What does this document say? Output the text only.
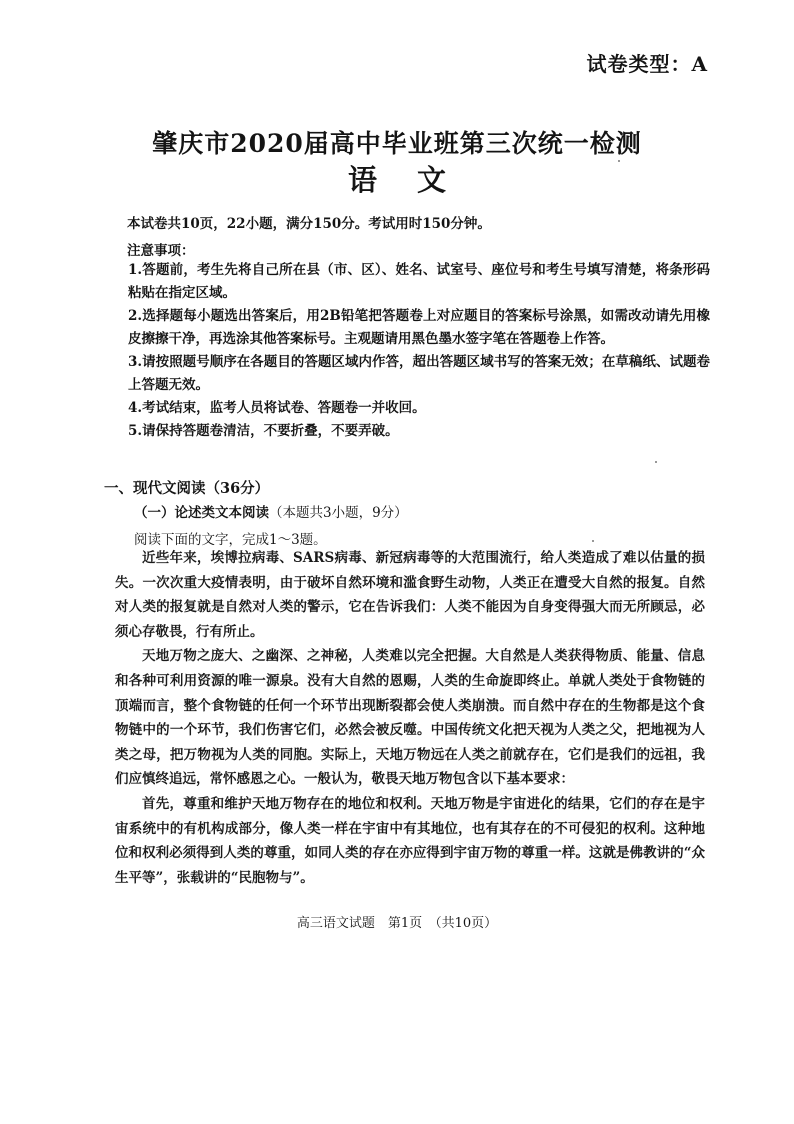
试卷类型：A
肇庆市2020届高中毕业班第三次统一检测
语文
本试卷共10页，22小题，满分150分。考试用时150分钟。
注意事项：
1.答题前，考生先将自己所在县（市、区）、姓名、试室号、座位号和考生号填写清楚，将条形码粘贴在指定区域。
2.选择题每小题选出答案后，用2B铅笔把答题卷上对应题目的答案标号涂黑，如需改动请先用橡皮擦擦干净，再选涂其他答案标号。主观题请用黑色墨水签字笔在答题卷上作答。
3.请按照题号顺序在各题目的答题区域内作答，超出答题区域书写的答案无效；在草稿纸、试题卷上答题无效。
4.考试结束，监考人员将试卷、答题卷一并收回。
5.请保持答题卷清洁，不要折叠，不要弄破。
一、现代文阅读（36分）
（一）论述类文本阅读（本题共3小题，9分）
阅读下面的文字，完成1～3题。

近些年来，埃博拉病毒、SARS病毒、新冠病毒等的大范围流行，给人类造成了难以估量的损失。一次次重大疫情表明，由于破坏自然环境和滥食野生动物，人类正在遭受大自然的报复。自然对人类的报复就是自然对人类的警示，它在告诉我们：人类不能因为自身变得强大而无所顾忌，必须心存敬畏，行有所止。

天地万物之庞大、之幽深、之神秘，人类难以完全把握。大自然是人类获得物质、能量、信息和各种可利用资源的唯一源泉。没有大自然的恩赐，人类的生命旋即终止。单就人类处于食物链的顶端而言，整个食物链的任何一个环节出现断裂都会使人类崩溃。而自然中存在的生物都是这个食物链中的一个环节，我们伤害它们，必然会被反噬。中国传统文化把天视为人类之父，把地视为人类之母，把万物视为人类的同胞。实际上，天地万物远在人类之前就存在，它们是我们的远祖，我们应慎终追远，常怀感恩之心。一般认为，敬畏天地万物包含以下基本要求：

首先，尊重和维护天地万物存在的地位和权利。天地万物是宇宙进化的结果，它们的存在是宇宙系统中的有机构成部分，像人类一样在宇宙中有其地位，也有其存在的不可侵犯的权利。这种地位和权利必须得到人类的尊重，如同人类的存在亦应得到宇宙万物的尊重一样。这就是佛教讲的“众生平等”，张载讲的“民胞物与”。

高三语文试题　第1页　（共10页）
